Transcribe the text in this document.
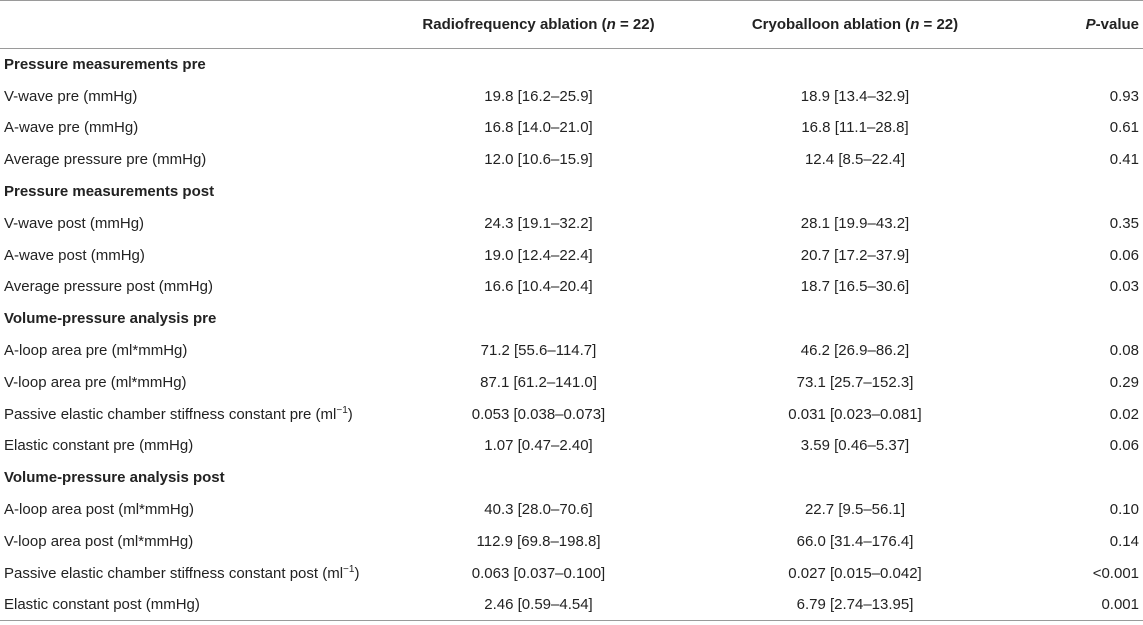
	Radiofrequency ablation (n = 22)	Cryoballoon ablation (n = 22)	P-value
Pressure measurements pre			
V-wave pre (mmHg)	19.8 [16.2–25.9]	18.9 [13.4–32.9]	0.93
A-wave pre (mmHg)	16.8 [14.0–21.0]	16.8 [11.1–28.8]	0.61
Average pressure pre (mmHg)	12.0 [10.6–15.9]	12.4 [8.5–22.4]	0.41
Pressure measurements post			
V-wave post (mmHg)	24.3 [19.1–32.2]	28.1 [19.9–43.2]	0.35
A-wave post (mmHg)	19.0 [12.4–22.4]	20.7 [17.2–37.9]	0.06
Average pressure post (mmHg)	16.6 [10.4–20.4]	18.7 [16.5–30.6]	0.03
Volume-pressure analysis pre			
A-loop area pre (ml*mmHg)	71.2 [55.6–114.7]	46.2 [26.9–86.2]	0.08
V-loop area pre (ml*mmHg)	87.1 [61.2–141.0]	73.1 [25.7–152.3]	0.29
Passive elastic chamber stiffness constant pre $(ml^{-1})$	0.053 [0.038–0.073]	0.031 [0.023–0.081]	0.02
Elastic constant pre (mmHg)	1.07 [0.47–2.40]	3.59 [0.46–5.37]	0.06
Volume-pressure analysis post			
A-loop area post (ml*mmHg)	40.3 [28.0–70.6]	22.7 [9.5–56.1]	0.10
V-loop area post (ml*mmHg)	112.9 [69.8–198.8]	66.0 [31.4–176.4]	0.14
Passive elastic chamber stiffness constant post $(ml^{-1})$	0.063 [0.037–0.100]	0.027 [0.015–0.042]	<0.001
Elastic constant post (mmHg)	2.46 [0.59–4.54]	6.79 [2.74–13.95]	0.001
